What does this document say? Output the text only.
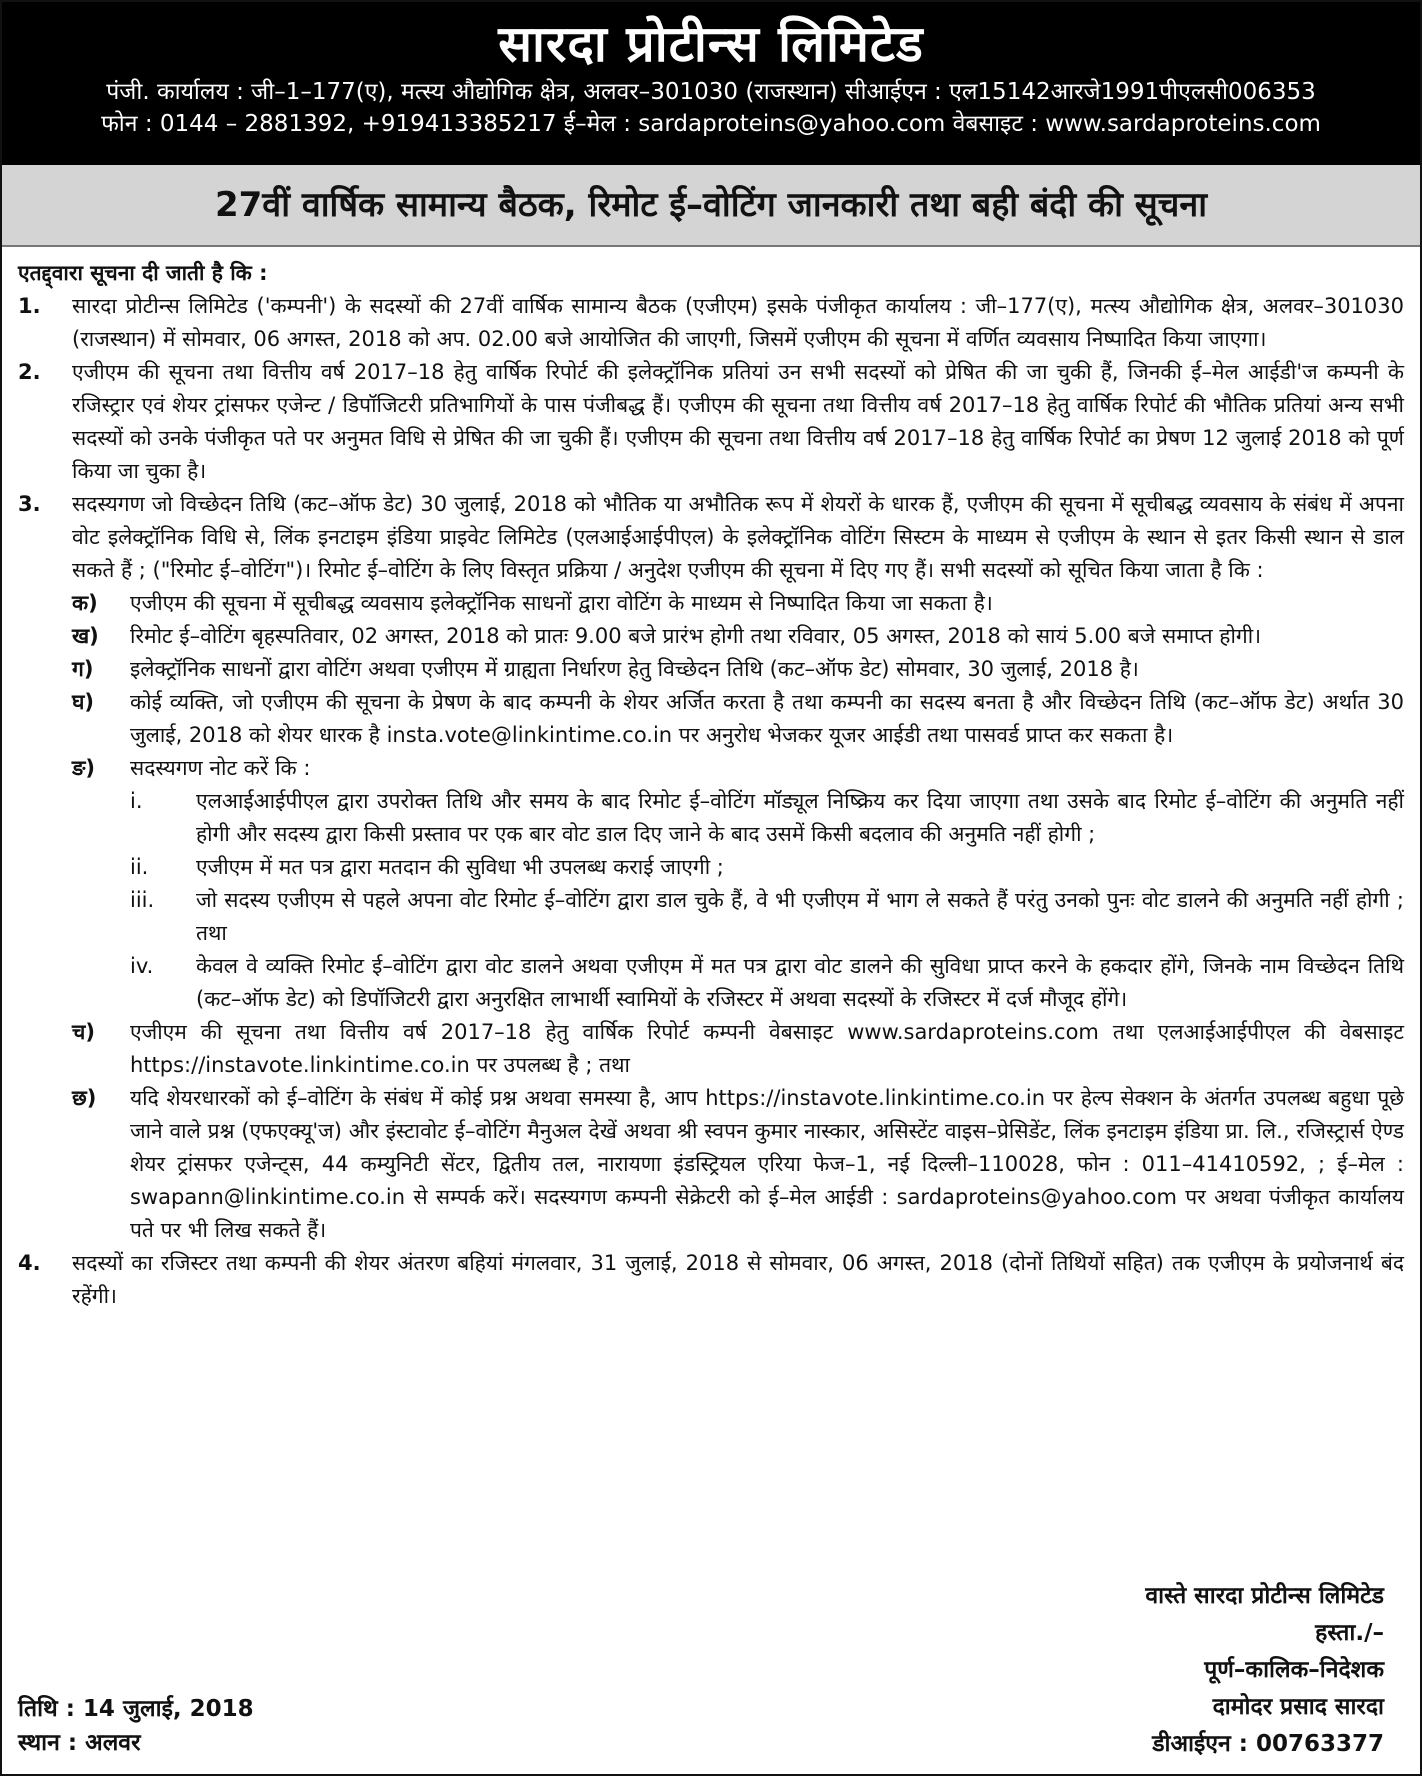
सारदा प्रोटीन्स लिमिटेड
पंजी. कार्यालय : जी–1–177(ए), मत्स्य औद्योगिक क्षेत्र, अलवर–301030 (राजस्थान) सीआईएन : एल15142आरजे1991पीएलसी006353
फोन : 0144 – 2881392, +919413385217 ई–मेल : sardaproteins@yahoo.com वेबसाइट : www.sardaproteins.com
27वीं वार्षिक सामान्य बैठक, रिमोट ई–वोटिंग जानकारी तथा बही बंदी की सूचना
एतद्द्वारा सूचना दी जाती है कि :
1.	सारदा प्रोटीन्स लिमिटेड ('कम्पनी') के सदस्यों की 27वीं वार्षिक सामान्य बैठक (एजीएम) इसके पंजीकृत कार्यालय : जी–177(ए), मत्स्य औद्योगिक क्षेत्र, अलवर–301030 (राजस्थान) में सोमवार, 06 अगस्त, 2018 को अप. 02.00 बजे आयोजित की जाएगी, जिसमें एजीएम की सूचना में वर्णित व्यवसाय निष्पादित किया जाएगा।
2.	एजीएम की सूचना तथा वित्तीय वर्ष 2017–18 हेतु वार्षिक रिपोर्ट की इलेक्ट्रॉनिक प्रतियां उन सभी सदस्यों को प्रेषित की जा चुकी हैं, जिनकी ई–मेल आईडी'ज कम्पनी के रजिस्ट्रार एवं शेयर ट्रांसफर एजेन्ट / डिपॉजिटरी प्रतिभागियों के पास पंजीबद्ध हैं। एजीएम की सूचना तथा वित्तीय वर्ष 2017–18 हेतु वार्षिक रिपोर्ट की भौतिक प्रतियां अन्य सभी सदस्यों को उनके पंजीकृत पते पर अनुमत विधि से प्रेषित की जा चुकी हैं। एजीएम की सूचना तथा वित्तीय वर्ष 2017–18 हेतु वार्षिक रिपोर्ट का प्रेषण 12 जुलाई 2018 को पूर्ण किया जा चुका है।
3.	सदस्यगण जो विच्छेदन तिथि (कट–ऑफ डेट) 30 जुलाई, 2018 को भौतिक या अभौतिक रूप में शेयरों के धारक हैं, एजीएम की सूचना में सूचीबद्ध व्यवसाय के संबंध में अपना वोट इलेक्ट्रॉनिक विधि से, लिंक इनटाइम इंडिया प्राइवेट लिमिटेड (एलआईआईपीएल) के इलेक्ट्रॉनिक वोटिंग सिस्टम के माध्यम से एजीएम के स्थान से इतर किसी स्थान से डाल सकते हैं ; ("रिमोट ई–वोटिंग")। रिमोट ई–वोटिंग के लिए विस्तृत प्रक्रिया / अनुदेश एजीएम की सूचना में दिए गए हैं। सभी सदस्यों को सूचित किया जाता है कि :
क)	एजीएम की सूचना में सूचीबद्ध व्यवसाय इलेक्ट्रॉनिक साधनों द्वारा वोटिंग के माध्यम से निष्पादित किया जा सकता है।
ख)	रिमोट ई–वोटिंग बृहस्पतिवार, 02 अगस्त, 2018 को प्रातः 9.00 बजे प्रारंभ होगी तथा रविवार, 05 अगस्त, 2018 को सायं 5.00 बजे समाप्त होगी।
ग)	इलेक्ट्रॉनिक साधनों द्वारा वोटिंग अथवा एजीएम में ग्राह्यता निर्धारण हेतु विच्छेदन तिथि (कट–ऑफ डेट) सोमवार, 30 जुलाई, 2018 है।
घ)	कोई व्यक्ति, जो एजीएम की सूचना के प्रेषण के बाद कम्पनी के शेयर अर्जित करता है तथा कम्पनी का सदस्य बनता है और विच्छेदन तिथि (कट–ऑफ डेट) अर्थात 30 जुलाई, 2018 को शेयर धारक है insta.vote@linkintime.co.in पर अनुरोध भेजकर यूजर आईडी तथा पासवर्ड प्राप्त कर सकता है।
ङ)	सदस्यगण नोट करें कि :
i.	एलआईआईपीएल द्वारा उपरोक्त तिथि और समय के बाद रिमोट ई–वोटिंग मॉड्यूल निष्क्रिय कर दिया जाएगा तथा उसके बाद रिमोट ई–वोटिंग की अनुमति नहीं होगी और सदस्य द्वारा किसी प्रस्ताव पर एक बार वोट डाल दिए जाने के बाद उसमें किसी बदलाव की अनुमति नहीं होगी ;
ii.	एजीएम में मत पत्र द्वारा मतदान की सुविधा भी उपलब्ध कराई जाएगी ;
iii.	जो सदस्य एजीएम से पहले अपना वोट रिमोट ई–वोटिंग द्वारा डाल चुके हैं, वे भी एजीएम में भाग ले सकते हैं परंतु उनको पुनः वोट डालने की अनुमति नहीं होगी ; तथा
iv.	केवल वे व्यक्ति रिमोट ई–वोटिंग द्वारा वोट डालने अथवा एजीएम में मत पत्र द्वारा वोट डालने की सुविधा प्राप्त करने के हकदार होंगे, जिनके नाम विच्छेदन तिथि (कट–ऑफ डेट) को डिपॉजिटरी द्वारा अनुरक्षित लाभार्थी स्वामियों के रजिस्टर में अथवा सदस्यों के रजिस्टर में दर्ज मौजूद होंगे।
च)	एजीएम की सूचना तथा वित्तीय वर्ष 2017–18 हेतु वार्षिक रिपोर्ट कम्पनी वेबसाइट www.sardaproteins.com तथा एलआईआईपीएल की वेबसाइट https://instavote.linkintime.co.in पर उपलब्ध है ; तथा
छ)	यदि शेयरधारकों को ई–वोटिंग के संबंध में कोई प्रश्न अथवा समस्या है, आप https://instavote.linkintime.co.in पर हेल्प सेक्शन के अंतर्गत उपलब्ध बहुधा पूछे जाने वाले प्रश्न (एफएक्यू'ज) और इंस्टावोट ई–वोटिंग मैनुअल देखें अथवा श्री स्वपन कुमार नास्कार, असिस्टेंट वाइस–प्रेसिडेंट, लिंक इनटाइम इंडिया प्रा. लि., रजिस्ट्रार्स ऐण्ड शेयर ट्रांसफर एजेन्ट्स, 44 कम्युनिटी सेंटर, द्वितीय तल, नारायणा इंडस्ट्रियल एरिया फेज–1, नई दिल्ली–110028, फोन : 011–41410592, ; ई–मेल : swapann@linkintime.co.in से सम्पर्क करें। सदस्यगण कम्पनी सेक्रेटरी को ई–मेल आईडी : sardaproteins@yahoo.com पर अथवा पंजीकृत कार्यालय पते पर भी लिख सकते हैं।
4.	सदस्यों का रजिस्टर तथा कम्पनी की शेयर अंतरण बहियां मंगलवार, 31 जुलाई, 2018 से सोमवार, 06 अगस्त, 2018 (दोनों तिथियों सहित) तक एजीएम के प्रयोजनार्थ बंद रहेंगी।
वास्ते सारदा प्रोटीन्स लिमिटेड
हस्ता./–
पूर्ण–कालिक–निदेशक
दामोदर प्रसाद सारदा
डीआईएन : 00763377
तिथि : 14 जुलाई, 2018
स्थान : अलवर
